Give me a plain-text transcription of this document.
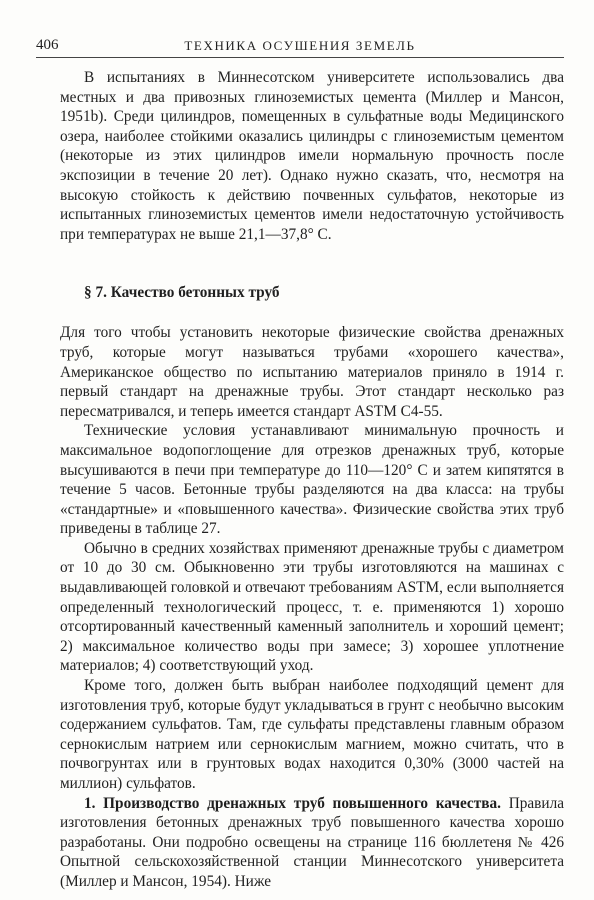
406	ТЕХНИКА ОСУШЕНИЯ ЗЕМЕЛЬ

В испытаниях в Миннесотском университете использовались два местных и два привозных глиноземистых цемента (Миллер и Мансон, 1951b). Среди цилиндров, помещенных в сульфатные воды Медицинского озера, наиболее стойкими оказались цилиндры с глиноземистым цементом (некоторые из этих цилиндров имели нормальную прочность после экспозиции в течение 20 лет). Однако нужно сказать, что, несмотря на высокую стойкость к действию почвенных сульфатов, некоторые из испытанных глиноземистых цементов имели недостаточную устойчивость при температурах не выше 21,1—37,8° С.

§ 7. Качество бетонных труб

Для того чтобы установить некоторые физические свойства дренажных труб, которые могут называться трубами «хорошего качества», Американское общество по испытанию материалов приняло в 1914 г. первый стандарт на дренажные трубы. Этот стандарт несколько раз пересматривался, и теперь имеется стандарт ASTM C4-55.

Технические условия устанавливают минимальную прочность и максимальное водопоглощение для отрезков дренажных труб, которые высушиваются в печи при температуре до 110—120° С и затем кипятятся в течение 5 часов. Бетонные трубы разделяются на два класса: на трубы «стандартные» и «повышенного качества». Физические свойства этих труб приведены в таблице 27.

Обычно в средних хозяйствах применяют дренажные трубы с диаметром от 10 до 30 см. Обыкновенно эти трубы изготовляются на машинах с выдавливающей головкой и отвечают требованиям ASTM, если выполняется определенный технологический процесс, т. е. применяются 1) хорошо отсортированный качественный каменный заполнитель и хороший цемент; 2) максимальное количество воды при замесе; 3) хорошее уплотнение материалов; 4) соответствующий уход.

Кроме того, должен быть выбран наиболее подходящий цемент для изготовления труб, которые будут укладываться в грунт с необычно высоким содержанием сульфатов. Там, где сульфаты представлены главным образом сернокислым натрием или сернокислым магнием, можно считать, что в почвогрунтах или в грунтовых водах находится 0,30% (3000 частей на миллион) сульфатов.

1. Производство дренажных труб повышенного качества. Правила изготовления бетонных дренажных труб повышенного качества хорошо разработаны. Они подробно освещены на странице 116 бюллетеня № 426 Опытной сельскохозяйственной станции Миннесотского университета (Миллер и Мансон, 1954). Ниже
